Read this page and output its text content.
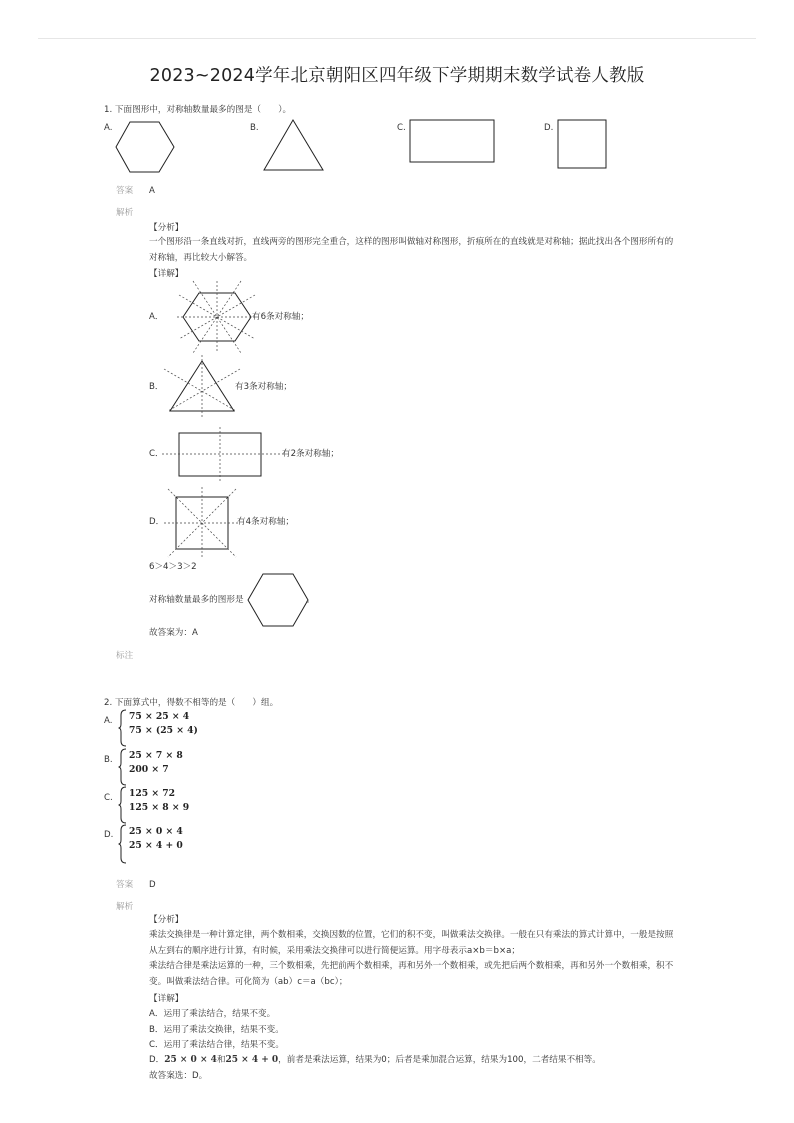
2023~2024学年北京朝阳区四年级下学期期末数学试卷人教版
1. 下面图形中，对称轴数量最多的图是（　　）。
A.	B.	C.	D.
答案 A
解析
【分析】
一个图形沿一条直线对折，直线两旁的图形完全重合，这样的图形叫做轴对称图形，折痕所在的直线就是对称轴；据此找出各个图形所有的对称轴，再比较大小解答。
【详解】
A．	有6条对称轴；
B．	有3条对称轴；
C．	有2条对称轴；
D．	有4条对称轴；
6＞4＞3＞2
对称轴数量最多的图形是	。
故答案为：A
标注
2. 下面算式中，得数不相等的是（　　）组。
A. 75 × 25 × 4
75 × (25 × 4)
B. 25 × 7 × 8
200 × 7
C. 125 × 72
125 × 8 × 9
D. 25 × 0 × 4
25 × 4 + 0
答案 D
解析
【分析】
乘法交换律是一种计算定律，两个数相乘，交换因数的位置，它们的积不变，叫做乘法交换律。一般在只有乘法的算式计算中，一般是按照从左到右的顺序进行计算，有时候，采用乘法交换律可以进行简便运算。用字母表示a×b＝b×a；
乘法结合律是乘法运算的一种，三个数相乘，先把前两个数相乘，再和另外一个数相乘，或先把后两个数相乘，再和另外一个数相乘，积不变。叫做乘法结合律。可化简为（ab）c＝a（bc）；
【详解】
A．运用了乘法结合，结果不变。
B．运用了乘法交换律，结果不变。
C．运用了乘法结合律，结果不变。
D．25 × 0 × 4和25 × 4 + 0，前者是乘法运算，结果为0；后者是乘加混合运算，结果为100，二者结果不相等。
故答案选：D。
